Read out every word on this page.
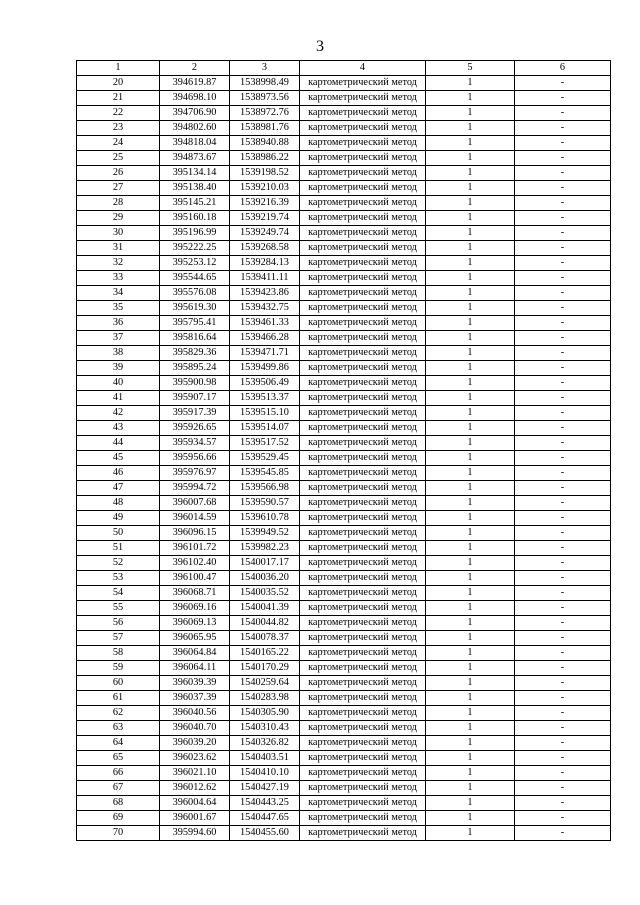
3
1	2	3	4	5	6
20	394619.87	1538998.49	картометрический метод	1	-
21	394698.10	1538973.56	картометрический метод	1	-
22	394706.90	1538972.76	картометрический метод	1	-
23	394802.60	1538981.76	картометрический метод	1	-
24	394818.04	1538940.88	картометрический метод	1	-
25	394873.67	1538986.22	картометрический метод	1	-
26	395134.14	1539198.52	картометрический метод	1	-
27	395138.40	1539210.03	картометрический метод	1	-
28	395145.21	1539216.39	картометрический метод	1	-
29	395160.18	1539219.74	картометрический метод	1	-
30	395196.99	1539249.74	картометрический метод	1	-
31	395222.25	1539268.58	картометрический метод	1	-
32	395253.12	1539284.13	картометрический метод	1	-
33	395544.65	1539411.11	картометрический метод	1	-
34	395576.08	1539423.86	картометрический метод	1	-
35	395619.30	1539432.75	картометрический метод	1	-
36	395795.41	1539461.33	картометрический метод	1	-
37	395816.64	1539466.28	картометрический метод	1	-
38	395829.36	1539471.71	картометрический метод	1	-
39	395895.24	1539499.86	картометрический метод	1	-
40	395900.98	1539506.49	картометрический метод	1	-
41	395907.17	1539513.37	картометрический метод	1	-
42	395917.39	1539515.10	картометрический метод	1	-
43	395926.65	1539514.07	картометрический метод	1	-
44	395934.57	1539517.52	картометрический метод	1	-
45	395956.66	1539529.45	картометрический метод	1	-
46	395976.97	1539545.85	картометрический метод	1	-
47	395994.72	1539566.98	картометрический метод	1	-
48	396007.68	1539590.57	картометрический метод	1	-
49	396014.59	1539610.78	картометрический метод	1	-
50	396096.15	1539949.52	картометрический метод	1	-
51	396101.72	1539982.23	картометрический метод	1	-
52	396102.40	1540017.17	картометрический метод	1	-
53	396100.47	1540036.20	картометрический метод	1	-
54	396068.71	1540035.52	картометрический метод	1	-
55	396069.16	1540041.39	картометрический метод	1	-
56	396069.13	1540044.82	картометрический метод	1	-
57	396065.95	1540078.37	картометрический метод	1	-
58	396064.84	1540165.22	картометрический метод	1	-
59	396064.11	1540170.29	картометрический метод	1	-
60	396039.39	1540259.64	картометрический метод	1	-
61	396037.39	1540283.98	картометрический метод	1	-
62	396040.56	1540305.90	картометрический метод	1	-
63	396040.70	1540310.43	картометрический метод	1	-
64	396039.20	1540326.82	картометрический метод	1	-
65	396023.62	1540403.51	картометрический метод	1	-
66	396021.10	1540410.10	картометрический метод	1	-
67	396012.62	1540427.19	картометрический метод	1	-
68	396004.64	1540443.25	картометрический метод	1	-
69	396001.67	1540447.65	картометрический метод	1	-
70	395994.60	1540455.60	картометрический метод	1	-
